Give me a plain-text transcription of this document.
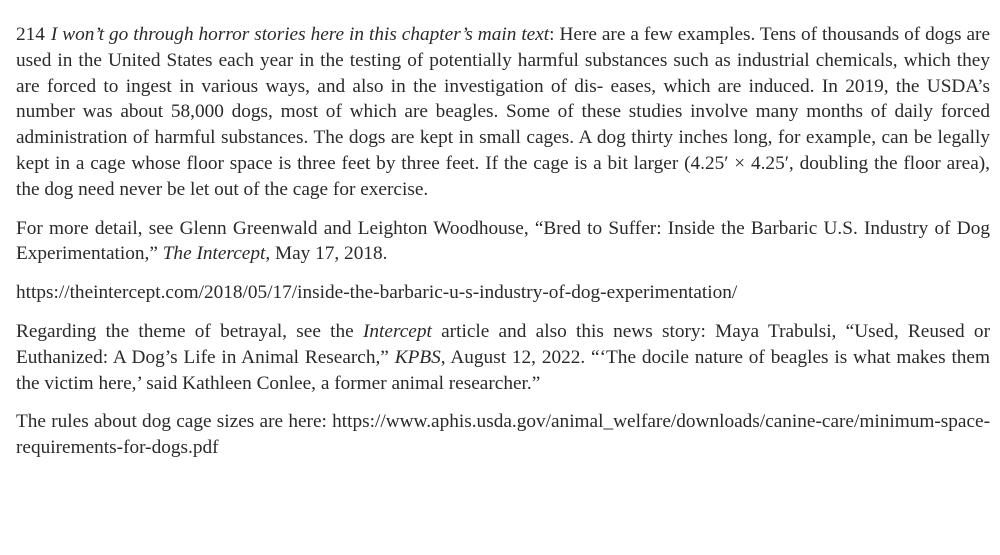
214 I won’t go through horror stories here in this chapter’s main text: Here are a few examples. Tens of thousands of dogs are used in the United States each year in the testing of potentially harmful substances such as industrial chemicals, which they are forced to ingest in various ways, and also in the investigation of dis- eases, which are induced. In 2019, the USDA’s number was about 58,000 dogs, most of which are beagles. Some of these studies involve many months of daily forced administration of harmful substances. The dogs are kept in small cages. A dog thirty inches long, for example, can be legally kept in a cage whose floor space is three feet by three feet. If the cage is a bit larger (4.25′ × 4.25′, doubling the floor area), the dog need never be let out of the cage for exercise.

For more detail, see Glenn Greenwald and Leighton Woodhouse, “Bred to Suffer: Inside the Barbaric U.S. Industry of Dog Experimentation,” The Intercept, May 17, 2018.

https://theintercept.com/2018/05/17/inside-the-barbaric-u-s-industry-of-dog-experimentation/

Regarding the theme of betrayal, see the Intercept article and also this news story: Maya Trabulsi, “Used, Reused or Euthanized: A Dog’s Life in Animal Research,” KPBS, August 12, 2022. “‘The docile nature of beagles is what makes them the victim here,’ said Kathleen Conlee, a former animal researcher.”

The rules about dog cage sizes are here: https://www.aphis.usda.gov/animal_welfare/downloads/canine-care/minimum-space-requirements-for-dogs.pdf
